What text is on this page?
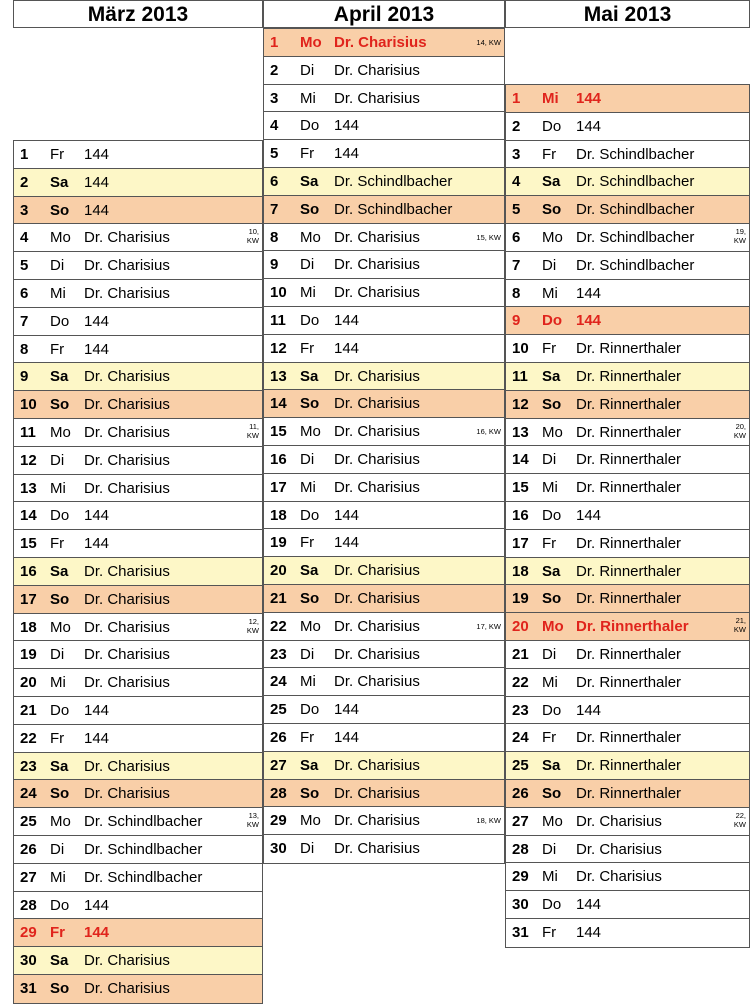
März 2013	April 2013	Mai 2013
1	Fr	144
2	Sa	144
3	So 144
4	Mo Dr. Charisius	10,
KW
5	Di	Dr. Charisius
6	Mi	Dr. Charisius
7	Do 144
8	Fr	144
9	Sa	Dr. Charisius
10 So Dr. Charisius
11 Mo Dr. Charisius	11,
KW
12 Di	Dr. Charisius
13 Mi	Dr. Charisius
14 Do 144
15 Fr	144
16 Sa	Dr. Charisius
17 So Dr. Charisius
18 Mo Dr. Charisius	12,
KW
19 Di	Dr. Charisius
20 Mi	Dr. Charisius
21 Do 144
22 Fr	144
23 Sa	Dr. Charisius
24 So Dr. Charisius
25 Mo Dr. Schindlbacher	13,
KW
26 Di	Dr. Schindlbacher
27 Mi	Dr. Schindlbacher
28 Do 144
29 Fr	144
30 Sa	Dr. Charisius
31 So Dr. Charisius
1	Mo Dr. Charisius	14, KW
2	Di	Dr. Charisius
3	Mi	Dr. Charisius
4	Do 144
5	Fr	144
6	Sa	Dr. Schindlbacher
7	So Dr. Schindlbacher
8	Mo Dr. Charisius	15, KW
9	Di	Dr. Charisius
10 Mi	Dr. Charisius
11 Do 144
12 Fr	144
13 Sa	Dr. Charisius
14 So Dr. Charisius
15 Mo Dr. Charisius	16, KW
16 Di	Dr. Charisius
17 Mi	Dr. Charisius
18 Do 144
19 Fr	144
20 Sa	Dr. Charisius
21 So Dr. Charisius
22 Mo Dr. Charisius	17, KW
23 Di	Dr. Charisius
24 Mi	Dr. Charisius
25 Do 144
26 Fr	144
27 Sa	Dr. Charisius
28 So Dr. Charisius
29 Mo Dr. Charisius	18, KW
30 Di	Dr. Charisius
1	Mi	144
2	Do 144
3	Fr	Dr. Schindlbacher
4	Sa	Dr. Schindlbacher
5	So Dr. Schindlbacher
6	Mo Dr. Schindlbacher	19,
KW
7	Di	Dr. Schindlbacher
8	Mi	144
9	Do 144
10 Fr	Dr. Rinnerthaler
11 Sa	Dr. Rinnerthaler
12 So Dr. Rinnerthaler
13 Mo Dr. Rinnerthaler	20,
KW
14 Di	Dr. Rinnerthaler
15 Mi	Dr. Rinnerthaler
16 Do 144
17 Fr	Dr. Rinnerthaler
18 Sa	Dr. Rinnerthaler
19 So Dr. Rinnerthaler
20 Mo Dr. Rinnerthaler	21,
KW
21 Di	Dr. Rinnerthaler
22 Mi	Dr. Rinnerthaler
23 Do 144
24 Fr	Dr. Rinnerthaler
25 Sa	Dr. Rinnerthaler
26 So Dr. Rinnerthaler
27 Mo Dr. Charisius	22,
KW
28 Di	Dr. Charisius
29 Mi	Dr. Charisius
30 Do 144
31 Fr	144
